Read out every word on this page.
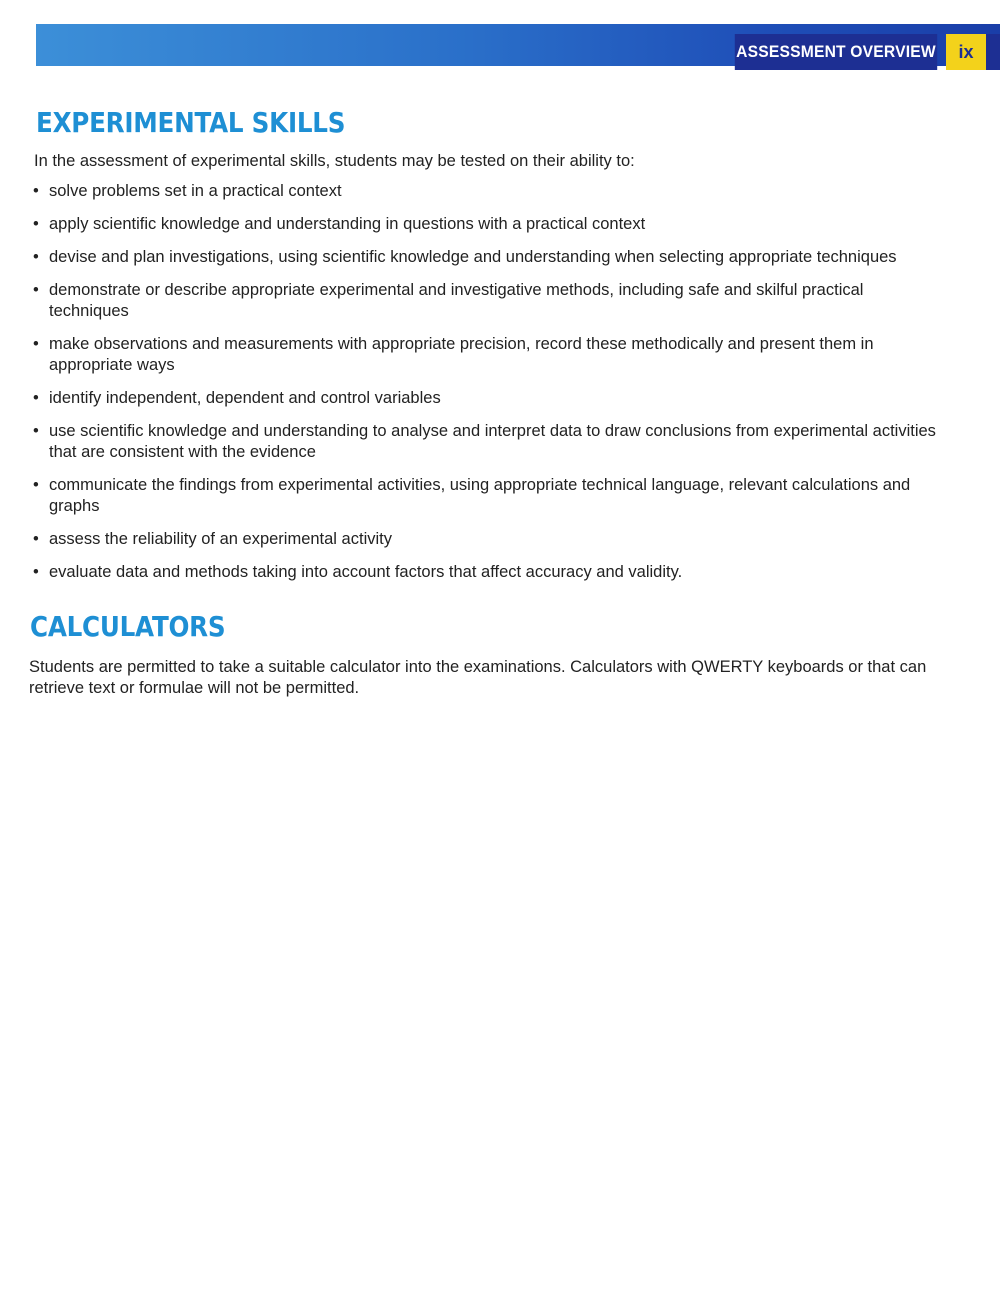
ASSESSMENT OVERVIEW	ix
EXPERIMENTAL SKILLS

In the assessment of experimental skills, students may be tested on their ability to:

• solve problems set in a practical context
• apply scientific knowledge and understanding in questions with a practical context
• devise and plan investigations, using scientific knowledge and understanding when selecting appropriate techniques
• demonstrate or describe appropriate experimental and investigative methods, including safe and skilful practical techniques
• make observations and measurements with appropriate precision, record these methodically and present them in appropriate ways
• identify independent, dependent and control variables
• use scientific knowledge and understanding to analyse and interpret data to draw conclusions from experimental activities that are consistent with the evidence
• communicate the findings from experimental activities, using appropriate technical language, relevant calculations and graphs
• assess the reliability of an experimental activity
• evaluate data and methods taking into account factors that affect accuracy and validity.
CALCULATORS

Students are permitted to take a suitable calculator into the examinations. Calculators with QWERTY keyboards or that can retrieve text or formulae will not be permitted.
